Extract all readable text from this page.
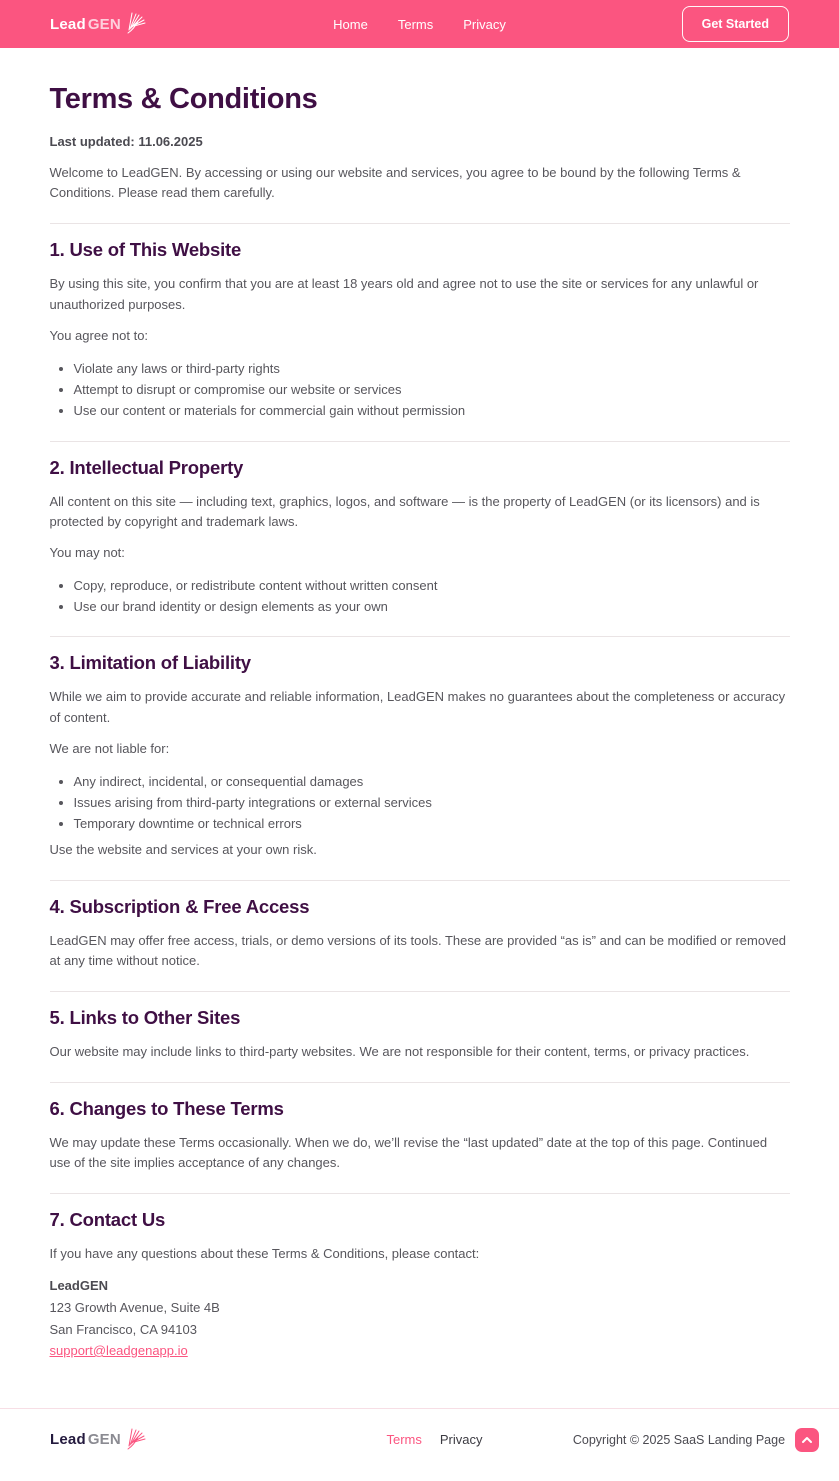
Lead GEN	Home Terms Privacy	Get Started
Terms & Conditions

Last updated: 11.06.2025

Welcome to LeadGEN. By accessing or using our website and services, you agree to be bound by the following Terms & Conditions. Please read them carefully.

1. Use of This Website

By using this site, you confirm that you are at least 18 years old and agree not to use the site or services for any unlawful or unauthorized purposes.

You agree not to:

• Violate any laws or third-party rights
• Attempt to disrupt or compromise our website or services
• Use our content or materials for commercial gain without permission
2. Intellectual Property

All content on this site — including text, graphics, logos, and software — is the property of LeadGEN (or its licensors) and is protected by copyright and trademark laws.

You may not:

• Copy, reproduce, or redistribute content without written consent
• Use our brand identity or design elements as your own
3. Limitation of Liability

While we aim to provide accurate and reliable information, LeadGEN makes no guarantees about the completeness or accuracy of content.

We are not liable for:

• Any indirect, incidental, or consequential damages
• Issues arising from third-party integrations or external services
• Temporary downtime or technical errors

Use the website and services at your own risk.

4. Subscription & Free Access

LeadGEN may offer free access, trials, or demo versions of its tools. These are provided “as is” and can be modified or removed at any time without notice.

5. Links to Other Sites

Our website may include links to third-party websites. We are not responsible for their content, terms, or privacy practices.

6. Changes to These Terms

We may update these Terms occasionally. When we do, we’ll revise the “last updated” date at the top of this page. Continued use of the site implies acceptance of any changes.

7. Contact Us

If you have any questions about these Terms & Conditions, please contact:

LeadGEN

123 Growth Avenue, Suite 4B

San Francisco, CA 94103

support@leadgenapp.io
Lead GEN	Terms Privacy	Copyright © 2025 SaaS Landing Page
